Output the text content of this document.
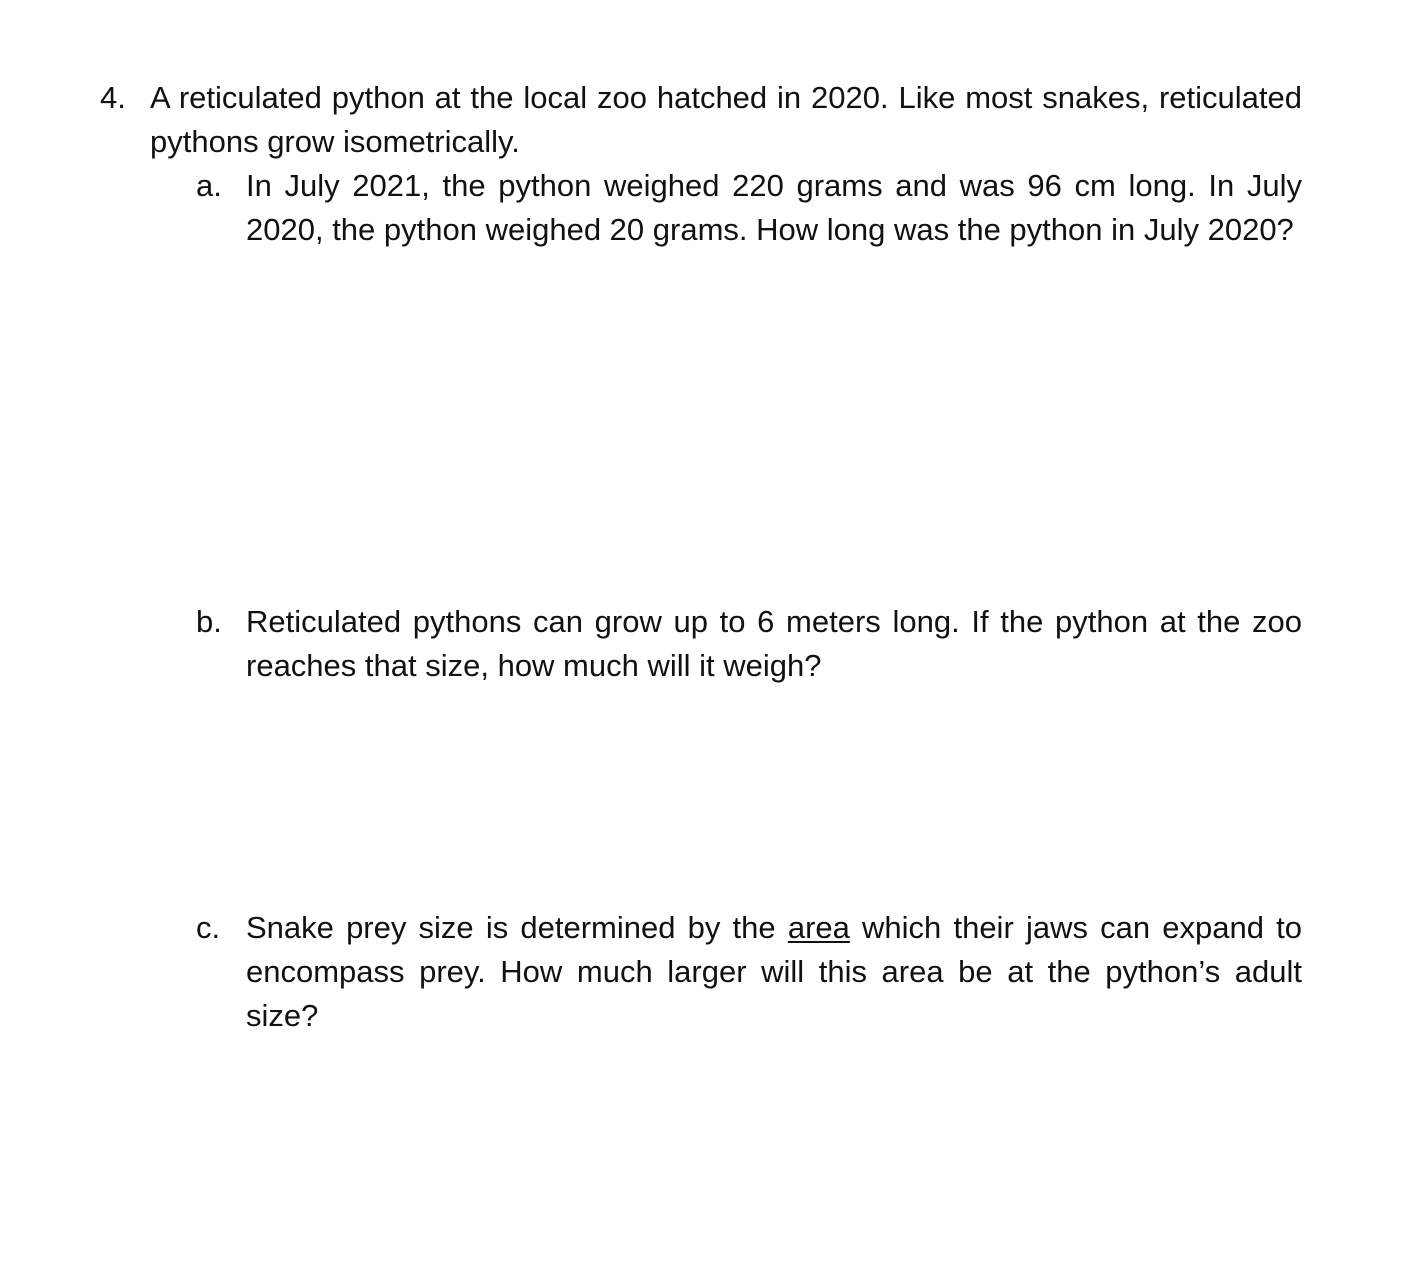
4. A reticulated python at the local zoo hatched in 2020. Like most snakes, reticulated pythons grow isometrically.
a. In July 2021, the python weighed 220 grams and was 96 cm long. In July 2020, the python weighed 20 grams. How long was the python in July 2020?
b. Reticulated pythons can grow up to 6 meters long. If the python at the zoo reaches that size, how much will it weigh?
c. Snake prey size is determined by the area which their jaws can expand to encompass prey. How much larger will this area be at the python’s adult size?
